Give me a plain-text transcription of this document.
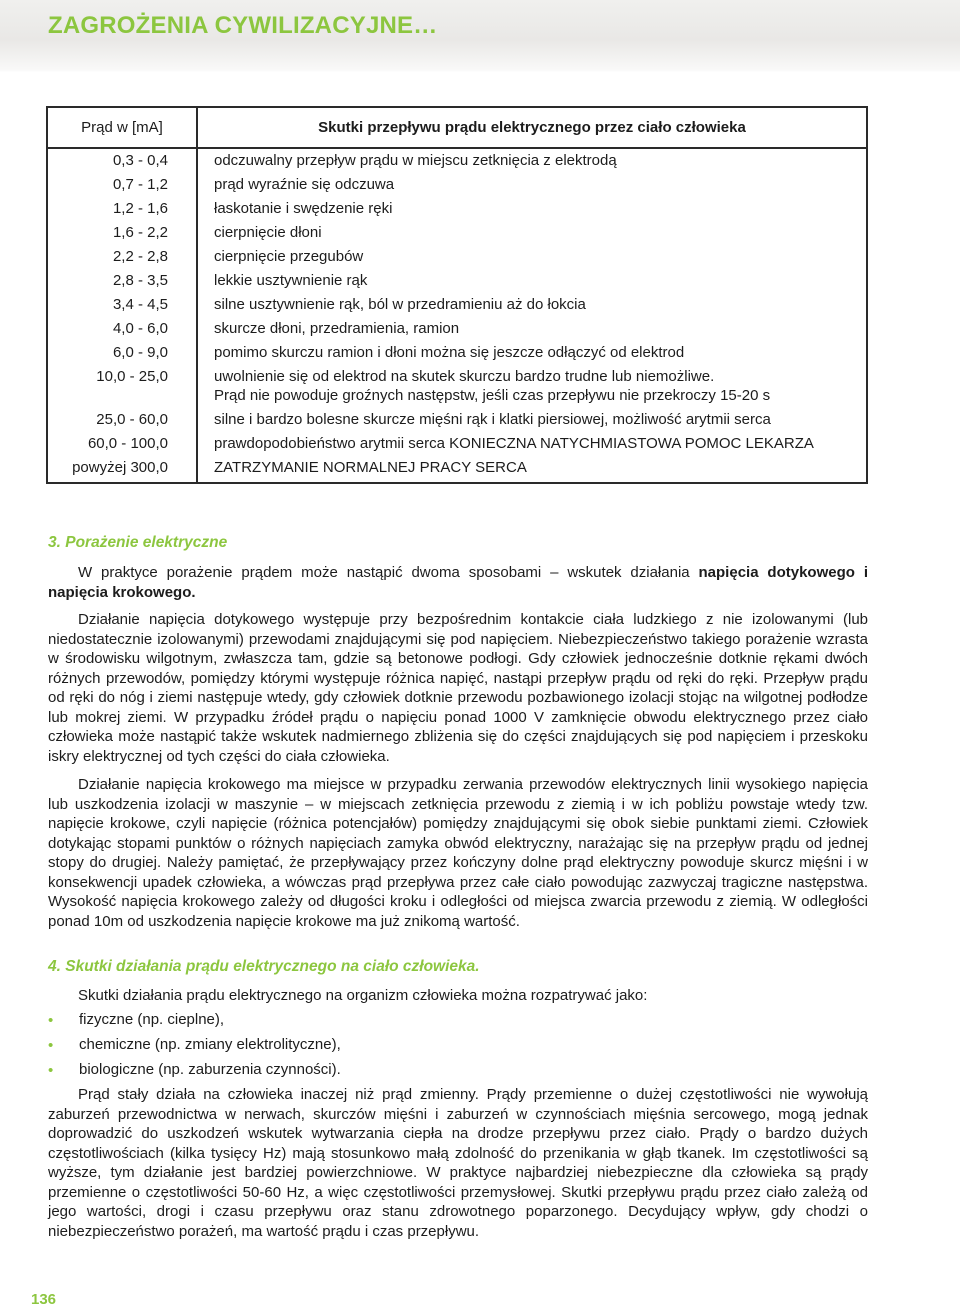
ZAGROŻENIA CYWILIZACYJNE…
Prąd w [mA]	Skutki przepływu prądu elektrycznego przez ciało człowieka
0,3 - 0,4	odczuwalny przepływ prądu w miejscu zetknięcia z elektrodą
0,7 - 1,2	prąd wyraźnie się odczuwa
1,2 - 1,6	łaskotanie i swędzenie ręki
1,6 - 2,2	cierpnięcie dłoni
2,2 - 2,8	cierpnięcie przegubów
2,8 - 3,5	lekkie usztywnienie rąk
3,4 - 4,5	silne usztywnienie rąk, ból w przedramieniu aż do łokcia
4,0 - 6,0	skurcze dłoni, przedramienia, ramion
6,0 - 9,0	pomimo skurczu ramion i dłoni można się jeszcze odłączyć od elektrod
10,0 - 25,0	uwolnienie się od elektrod na skutek skurczu bardzo trudne lub niemożliwe.
Prąd nie powoduje groźnych następstw, jeśli czas przepływu nie przekroczy 15-20 s
25,0 - 60,0	silne i bardzo bolesne skurcze mięśni rąk i klatki piersiowej, możliwość arytmii serca
60,0 - 100,0	prawdopodobieństwo arytmii serca KONIECZNA NATYCHMIASTOWA POMOC LEKARZA
powyżej 300,0	ZATRZYMANIE NORMALNEJ PRACY SERCA
3. Porażenie elektryczne

W praktyce porażenie prądem może nastąpić dwoma sposobami – wskutek działania napięcia dotykowego i napięcia krokowego.

Działanie napięcia dotykowego występuje przy bezpośrednim kontakcie ciała ludzkiego z nie izolowanymi (lub niedostatecznie izolowanymi) przewodami znajdującymi się pod napięciem. Niebezpieczeństwo takiego porażenie wzrasta w środowisku wilgotnym, zwłaszcza tam, gdzie są betonowe podłogi. Gdy człowiek jednocześnie dotknie rękami dwóch różnych przewodów, pomiędzy którymi występuje różnica napięć, nastąpi przepływ prądu od ręki do ręki. Przepływ prądu od ręki do nóg i ziemi następuje wtedy, gdy człowiek dotknie przewodu pozbawionego izolacji stojąc na wilgotnej podłodze lub mokrej ziemi. W przypadku źródeł prądu o napięciu ponad 1000 V zamknięcie obwodu elektrycznego przez ciało człowieka może nastąpić także wskutek nadmiernego zbliżenia się do części znajdujących się pod napięciem i przeskoku iskry elektrycznej od tych części do ciała człowieka.

Działanie napięcia krokowego ma miejsce w przypadku zerwania przewodów elektrycznych linii wysokiego napięcia lub uszkodzenia izolacji w maszynie – w miejscach zetknięcia przewodu z ziemią i w ich pobliżu powstaje wtedy tzw. napięcie krokowe, czyli napięcie (różnica potencjałów) pomiędzy znajdującymi się obok siebie punktami ziemi. Człowiek dotykając stopami punktów o różnych napięciach zamyka obwód elektryczny, narażając się na przepływ prądu od jednej stopy do drugiej. Należy pamiętać, że przepływający przez kończyny dolne prąd elektryczny powoduje skurcz mięśni i w konsekwencji upadek człowieka, a wówczas prąd przepływa przez całe ciało powodując zazwyczaj tragiczne następstwa. Wysokość napięcia krokowego zależy od długości kroku i odległości od miejsca zwarcia przewodu z ziemią. W odległości ponad 10m od uszkodzenia napięcie krokowe ma już znikomą wartość.

4. Skutki działania prądu elektrycznego na ciało człowieka.

Skutki działania prądu elektrycznego na organizm człowieka można rozpatrywać jako:

• fizyczne (np. cieplne),
• chemiczne (np. zmiany elektrolityczne),
• biologiczne (np. zaburzenia czynności).

Prąd stały działa na człowieka inaczej niż prąd zmienny. Prądy przemienne o dużej częstotliwości nie wywołują zaburzeń przewodnictwa w nerwach, skurczów mięśni i zaburzeń w czynnościach mięśnia sercowego, mogą jednak doprowadzić do uszkodzeń wskutek wytwarzania ciepła na drodze przepływu przez ciało. Prądy o bardzo dużych częstotliwościach (kilka tysięcy Hz) mają stosunkowo małą zdolność do przenikania w głąb tkanek. Im częstotliwości są wyższe, tym działanie jest bardziej powierzchniowe. W praktyce najbardziej niebezpieczne dla człowieka są prądy przemienne o częstotliwości 50-60 Hz, a więc częstotliwości przemysłowej. Skutki przepływu prądu przez ciało zależą od jego wartości, drogi i czasu przepływu oraz stanu zdrowotnego poparzonego. Decydujący wpływ, gdy chodzi o niebezpieczeństwo porażeń, ma wartość prądu i czas przepływu.

136
